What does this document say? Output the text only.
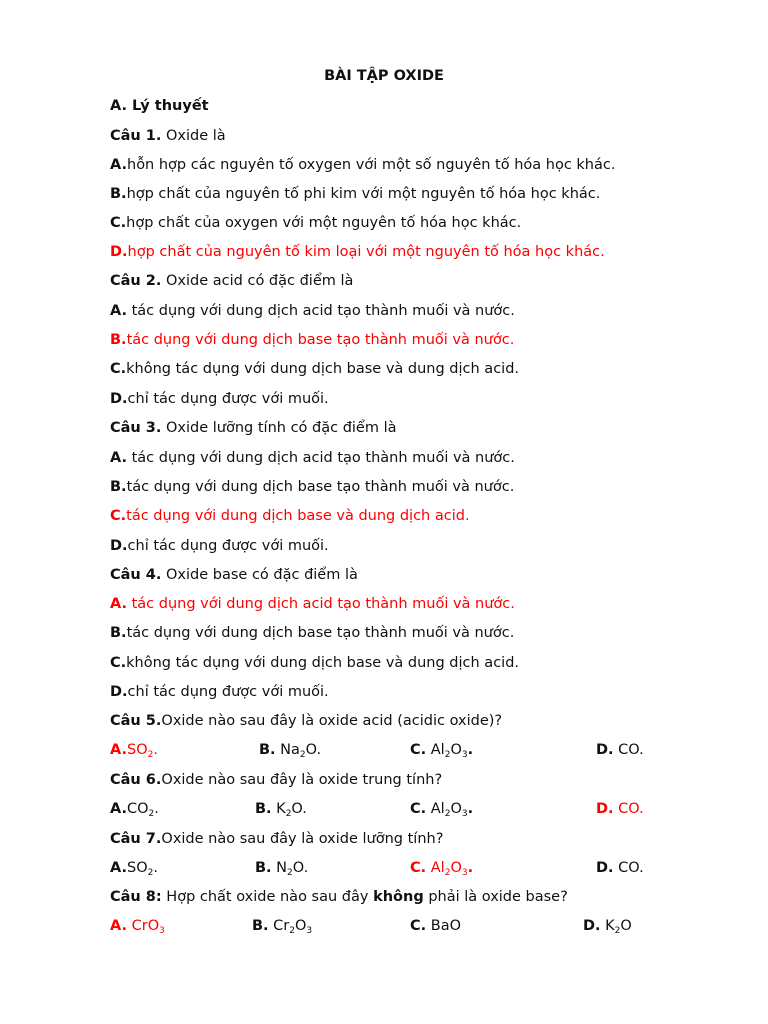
BÀI TẬP OXIDE
A. Lý thuyết
Câu 1. Oxide là
A.hỗn hợp các nguyên tố oxygen với một số nguyên tố hóa học khác.
B.hợp chất của nguyên tố phi kim với một nguyên tố hóa học khác.
C.hợp chất của oxygen với một nguyên tố hóa học khác.
D.hợp chất của nguyên tố kim loại với một nguyên tố hóa học khác.
Câu 2. Oxide acid có đặc điểm là
A. tác dụng với dung dịch acid tạo thành muối và nước.
B.tác dụng với dung dịch base tạo thành muối và nước.
C.không tác dụng với dung dịch base và dung dịch acid.
D.chỉ tác dụng được với muối.
Câu 3. Oxide lưỡng tính có đặc điểm là
A. tác dụng với dung dịch acid tạo thành muối và nước.
B.tác dụng với dung dịch base tạo thành muối và nước.
C.tác dụng với dung dịch base và dung dịch acid.
D.chỉ tác dụng được với muối.
Câu 4. Oxide base có đặc điểm là
A. tác dụng với dung dịch acid tạo thành muối và nước.
B.tác dụng với dung dịch base tạo thành muối và nước.
C.không tác dụng với dung dịch base và dung dịch acid.
D.chỉ tác dụng được với muối.
Câu 5.Oxide nào sau đây là oxide acid (acidic oxide)?
$A.SO_2$.	B. $Na_2O$.	C. $Al_2O_3$.	D. CO.
Câu 6.Oxide nào sau đây là oxide trung tính?
$A.CO_2$.	B. $K_2O$.	C. $Al_2O_3$.	D. CO.
Câu 7.Oxide nào sau đây là oxide lưỡng tính?
$A.SO_2$.	B. $N_2O$.	C. $Al_2O_3$.	D. CO.
Câu 8: Hợp chất oxide nào sau đây không phải là oxide base?
A. CrO$_3$	B. $Cr_2O_3$	C. BaO	D. $K_2O$
